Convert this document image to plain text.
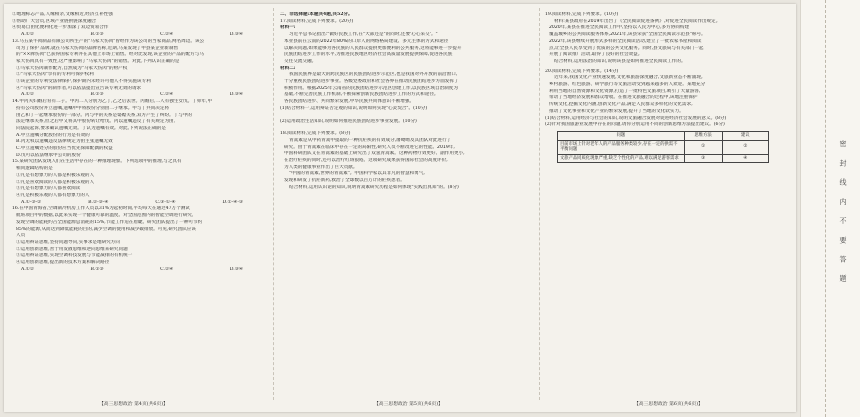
②地理标志产品,人缘相亲,文缘相近,经济互补性强
③帮助广大会员,区域产业链供链深度融合
④贸易自由化便利化进一步加深了双边贸易合作
A.①②	B.①③	C.②④	D.③④
13.马五某牛肉制品有限公司所生产的"马家大伤肉"曾经作为该公司的当家商品,网名周边。该公
司为了保护 品牌,就在马家大伤肉的品牌名称,近期,马某发现了甲县某企业新制售
的"××牌伤肉"已获得国家专利并在其他上市场上销售。经对比发现,该企业的产品的配方与马
家大伤肉具有一致性,这严重影响了"马家大伤肉"的销售。对此,下列认识正确的是
①马家大伤肉制作配方,自然成为"马家大伤肉"的财产权
②"马家大伤肉"享有的专利可保护权利
③该企业的专利受法律保护,保护期内未经许可他人不得实施该专利
④"马家大伤肉"的制作者,可以依法提出宣告该专利无效的请求
A.①②	B.①③	C.②④	D.③④
14.甲丙夫妇婚后育有二子。甲丙二人分别为乙丁,乙之后去世。丙婚后,二人有独生女戊。丁卯年,甲
持有公司股份并立遗嘱,遗嘱中甲将股份分别由二子继承。甲与丁共同决定将
由乙和丁一起继承股份的一部分。丙与甲的关系是婆媳关系,双方产生了纠纷。丁与甲的
法定继承关系,但之后甲又将其中股份转让给戊。丙以遗嘱违反了有关规定为由,
向法院起诉,要求确认遗嘱无效。丁认为遗嘱有效。对此,下列说法正确的是
A.甲立遗嘱分配股份的行为是有效的
B.丙无权以遗嘱违反法律规定为由主张遗嘱无效
C.甲立遗嘱处分的股份应当优先保障配偶的权益
D.戊可以依法继承甲公司的股份
15.某研究团队发现人们在生活中存在的一种推理现象。下列选项中的推理,与之具有
相同逻辑结构的是
①凡是有想象力的人都是积极乐观的人
②凡是喜欢阅读的人都是积极乐观的人
③凡是有想象力的人都喜欢阅读
④凡是积极乐观的人都有想象力的人
A.①-③-②	B.②-③-④	C.③-①-④	D.①-④-③
16.在中国青海省,空调制冷机房工作人员以31%为起初时间,平均每天在通过47万个测试
航班项目中的数据,以此来实现一个健康可靠的温度。对全国范围内的智能空调进行研究,
发现空调的能耗约占全国能源总消耗的15%,节能工作迫在眉睫。研究团队提出了一种可节约
85%的能源,从而达到降低能耗的目的,减少空调的使用和减少碳排放。可见,研究团队应该
人员
①运用辩证思维,坚持问题导向,实事求是地研究方向
②运用创新思维,善于用发散思维和逆向思维来研究问题
③运用辩证思维,实现空调科技发展与节能减排的有机统一
④运用创新思维,提出新的技术方案和解决路径
A.①②	B.①③	C.②④	D.③④
【高三思想政治 第4页(共6页)】
二、非选择题:本题共4题,共52分。
17.阅读材料,完成下列要求。(20分)
材料一:
习近平总书记指出:"做好民族工作,在"大部还是"的同时,还要'心心采交'。"
本业县前在云南的2022年80%的口岸人的网络格局建设、多元主体的方式和途径
以解决问题,如果能够为各民族的人民群众提供更加便利的公共服务,这将能够进一步提升
民族团结进步工作的水平,为推进民族地区经济社会高质量发展提供保障,促进各民族
交往交流交融。
材料二:
我国民族界是最大的跨民族区的民族团结进步示范区,也是我国对外开放的前沿窗口,
十分重视民族团结进步事业。各级党委政府和社会各界在推动民族团结进步方面发挥了
积极作用。根据2025年云南省的民族团结进步示范区创建工作,以民族区域自治制度为
基础,不断完善民族工作机制,不断探索创新民族团结进步工作的方式和途径。
各民族团结进步、共同繁荣发展,中华民族共同体意识不断增强。
(1)结合材料一,运用辩证否定观的知识,说明如何实现"心灵契合"。(10分)
(2)运用政治生活知识,说明如何推进民族团结进步事业发展。(10分)
18.阅读材料,完成下列要求。(8分)
青蒿素是从中药青蒿中提取的一种抗疟疾的有效成分,屠呦呦及其团队对此进行了
研究。由于青蒿素在临床中存在一定的局限性,研究人员不断改进它的性能。2019年,
中国科研团队又在青蒿素的基础上研究出了双氢青蒿素。这种药物疗效更好、副作用更小,
在治疗疟疾的同时,还可以治疗红斑狼疮。这项研究成果获得国际社会的高度评价,
为人类的健康事业作出了巨大贡献。
"中国的青蒿素,世界的青蒿素"。中国科学家以其非凡的智慧和勇气,
发现和研发了抗疟新药,救治了全球数以百万计的疟疾患者。
结合材料,运用认识论的知识,说明青蒿素研究历程是如何体现"实践出真知"的。(8分)
【高三思想政治 第5页(共6页)】
19.阅读材料,完成下列要求。(10分)
材料:某县政府在2019年出台了《全民阅读促进条例》,对促进全民阅读作出规定。
2020年,某县在推进全民阅读工作中,坚持以人民为中心,多方协同构建
覆盖城乡的公共阅读服务体系,2021年,该县荣获"全国全民阅读示范县"称号。
2022年,该县继续开展形式多样的全民阅读活动,建立了一批农家书屋和阅读
点,让全县人民享受到了优质的公共文化服务。同时,县文旅局与有关部门一起
开展了阅读推广活动,取得了良好的社会效益。
结合材料,运用法治的知识,说明该县是如何推进全民阅读工作的。
20.阅读材料,完成下列要求。(14分)
近年来,我国文化产业快速发展,文化和旅游深度融合,文旅新业态不断涌现。
乡村旅游、红色旅游、研学旅行等文旅活动受到越来越多的人欢迎。某地充分
利用当地的自然资源和文化资源,打造了一批特色文旅项目,吸引了大量游客,
带动了当地经济发展和群众增收。在推进文旅融合的过程中,该地注重保护
传统文化,挖掘文化内涵,创新文化产品,满足人民群众多样化的文化需求,
推动了文化事业和文化产业的繁荣发展,提升了当地的文化软实力。
(1)结合材料,运用经济与社会的知识,说明文旅融合发展对促进经济社会发展的意义。(8分)
(2)针对我国旅游业发展中存在的问题,请你分别运用不同的创新思维方法提出建议。(6分)
问题	思维方法	建议
目前市场上针对老年人的产品服务种类较少,存在一定的供需不平衡问题	①	②
文旅产品同质化现象严重,缺乏个性化的产品,难以满足游客需求	③	④
【高三思想政治 第6页(共6页)】
密 封 线 内 不 要 答 题
